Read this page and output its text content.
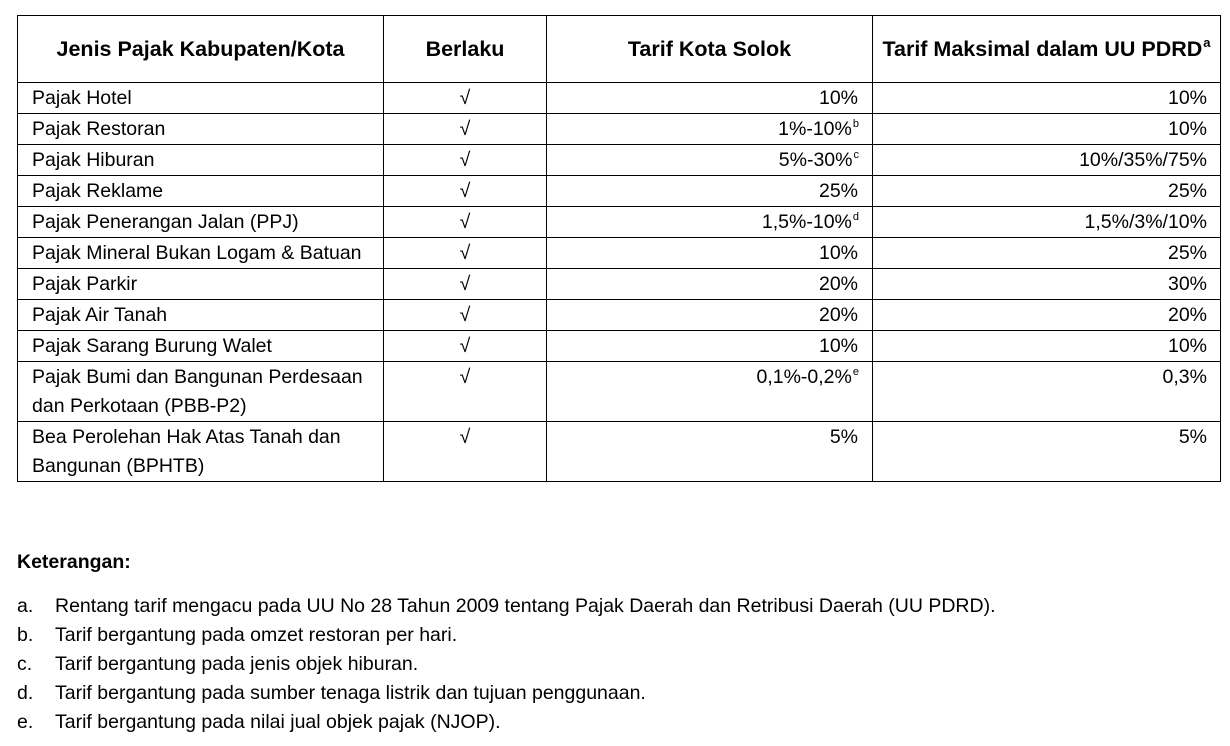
Jenis Pajak Kabupaten/Kota	Berlaku	Tarif Kota Solok	Tarif Maksimal dalam UU PDRD$^a$
Pajak Hotel	√	10%	10%
Pajak Restoran	√	1%-10%$^b$	10%
Pajak Hiburan	√	5%-30%$^c$	10%/35%/75%
Pajak Reklame	√	25%	25%
Pajak Penerangan Jalan (PPJ)	√	1,5%-10%$^d$	1,5%/3%/10%
Pajak Mineral Bukan Logam & Batuan	√	10%	25%
Pajak Parkir	√	20%	30%
Pajak Air Tanah	√	20%	20%
Pajak Sarang Burung Walet	√	10%	10%
Pajak Bumi dan Bangunan Perdesaan dan Perkotaan (PBB-P2)	√	0,1%-0,2%$^e$	0,3%
Bea Perolehan Hak Atas Tanah dan Bangunan (BPHTB)	√	5%	5%
Keterangan:
a.	Rentang tarif mengacu pada UU No 28 Tahun 2009 tentang Pajak Daerah dan Retribusi Daerah (UU PDRD).
b.	Tarif bergantung pada omzet restoran per hari.
c.	Tarif bergantung pada jenis objek hiburan.
d.	Tarif bergantung pada sumber tenaga listrik dan tujuan penggunaan.
e.	Tarif bergantung pada nilai jual objek pajak (NJOP).
